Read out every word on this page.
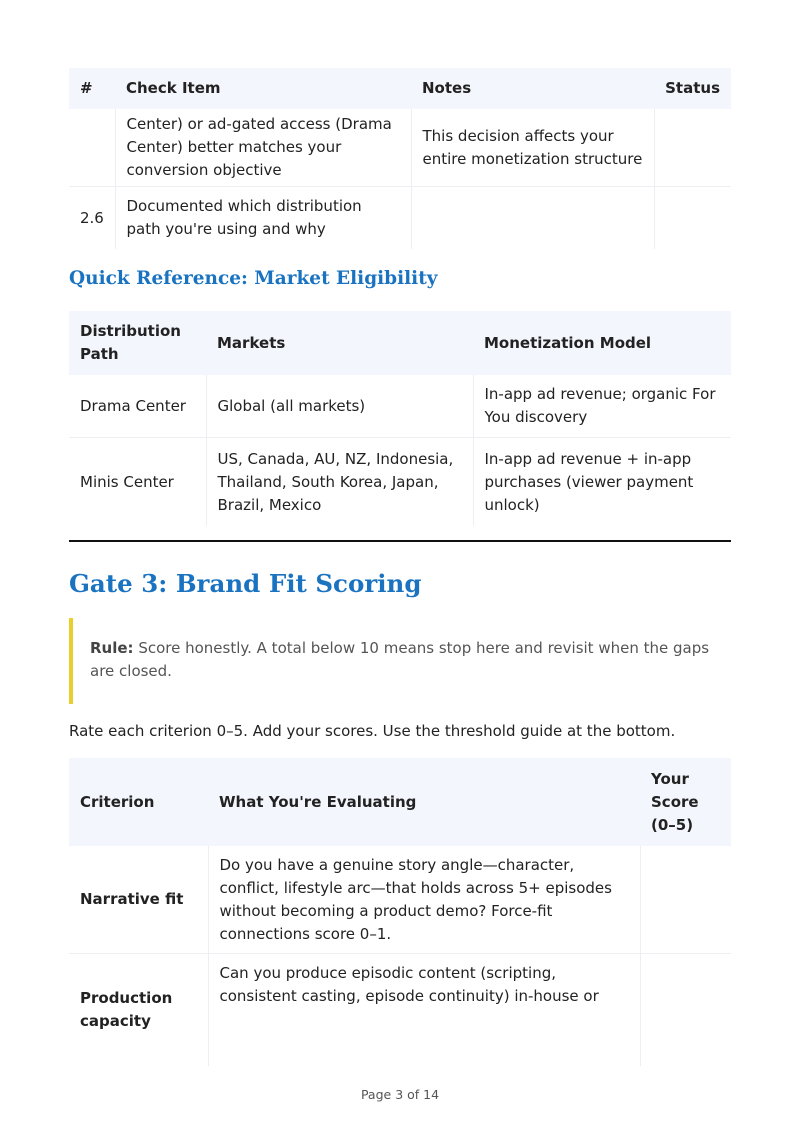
#	Check Item	Notes	Status
	Center) or ad-gated access (Drama Center) better matches your conversion objective	This decision affects your entire monetization structure	
2.6	Documented which distribution path you're using and why		
Quick Reference: Market Eligibility
Distribution Path	Markets	Monetization Model
Drama Center	Global (all markets)	In-app ad revenue; organic For You discovery
Minis Center	US, Canada, AU, NZ, Indonesia, Thailand, South Korea, Japan, Brazil, Mexico	In-app ad revenue + in-app purchases (viewer payment unlock)
Gate 3: Brand Fit Scoring
Rule: Score honestly. A total below 10 means stop here and revisit when the gaps are closed.
Rate each criterion 0–5. Add your scores. Use the threshold guide at the bottom.
Criterion	What You're Evaluating	Your Score (0–5)
Narrative fit	Do you have a genuine story angle—character, conflict, lifestyle arc—that holds across 5+ episodes without becoming a product demo? Force-fit connections score 0–1.	
Production capacity	Can you produce episodic content (scripting, consistent casting, episode continuity) in-house or	
Page 3 of 14
